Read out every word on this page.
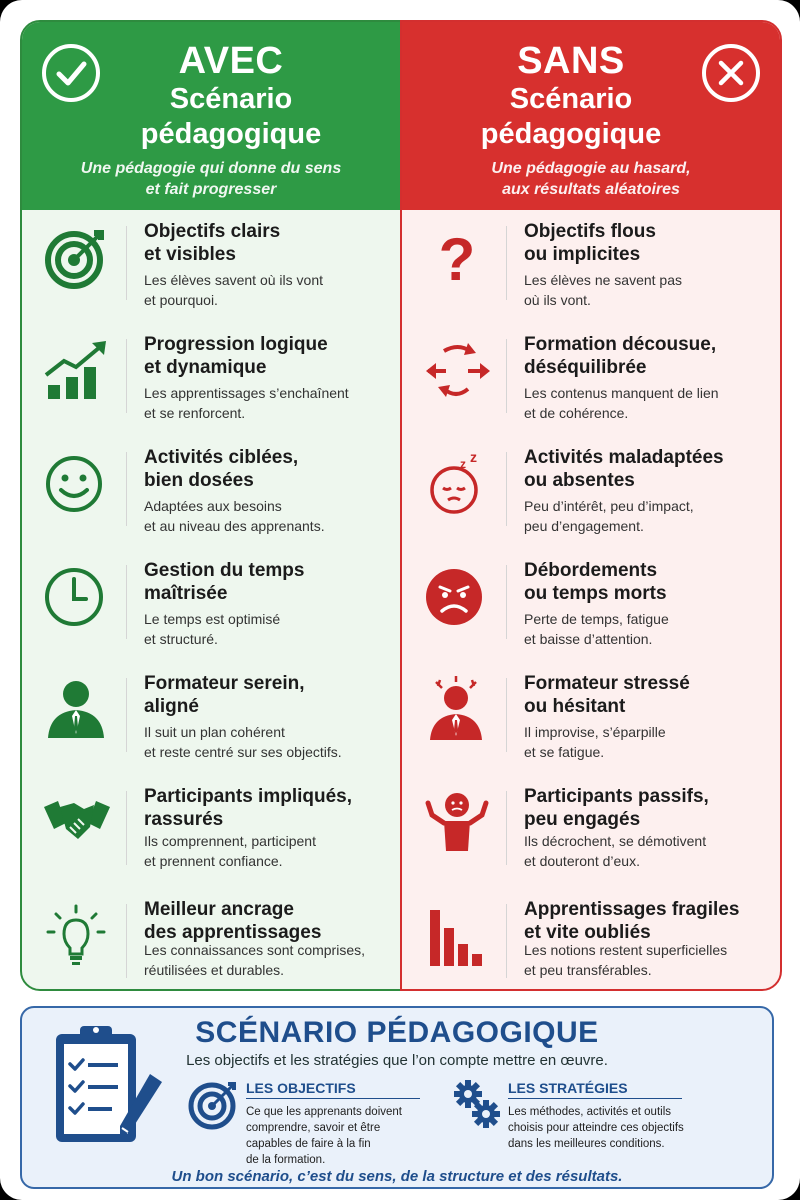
AVEC
Scénario pédagogique
Une pédagogie qui donne du sens
et fait progresser
Objectifs clairs
et visibles
Les élèves savent où ils vont
et pourquoi.
Progression logique
et dynamique
Les apprentissages s’enchaînent
et se renforcent.
Activités ciblées,
bien dosées
Adaptées aux besoins
et au niveau des apprenants.
Gestion du temps
maîtrisée
Le temps est optimisé
et structuré.
Formateur serein,
aligné
Il suit un plan cohérent
et reste centré sur ses objectifs.
Participants impliqués,
rassurés
Ils comprennent, participent
et prennent confiance.
Meilleur ancrage
des apprentissages
Les connaissances sont comprises,
réutilisées et durables.
SANS
Scénario pédagogique
Une pédagogie au hasard,
aux résultats aléatoires
?	Objectifs flous
ou implicites
Les élèves ne savent pas
où ils vont.
Formation décousue,
déséquilibrée
Les contenus manquent de lien
et de cohérence.
z z Activités maladaptées
ou absentes
Peu d’intérêt, peu d’impact,
peu d’engagement.
Débordements
ou temps morts
Perte de temps, fatigue
et baisse d’attention.
Formateur stressé
ou hésitant
Il improvise, s’éparpille
et se fatigue.
Participants passifs,
peu engagés
Ils décrochent, se démotivent
et douteront d’eux.
Apprentissages fragiles
et vite oubliés
Les notions restent superficielles
et peu transférables.
SCÉNARIO PÉDAGOGIQUE
Les objectifs et les stratégies que l’on compte mettre en œuvre.
LES OBJECTIFS
Ce que les apprenants doivent
comprendre, savoir et être
capables de faire à la fin
de la formation.
LES STRATÉGIES
Les méthodes, activités et outils
choisis pour atteindre ces objectifs
dans les meilleures conditions.
Un bon scénario, c’est du sens, de la structure et des résultats.
